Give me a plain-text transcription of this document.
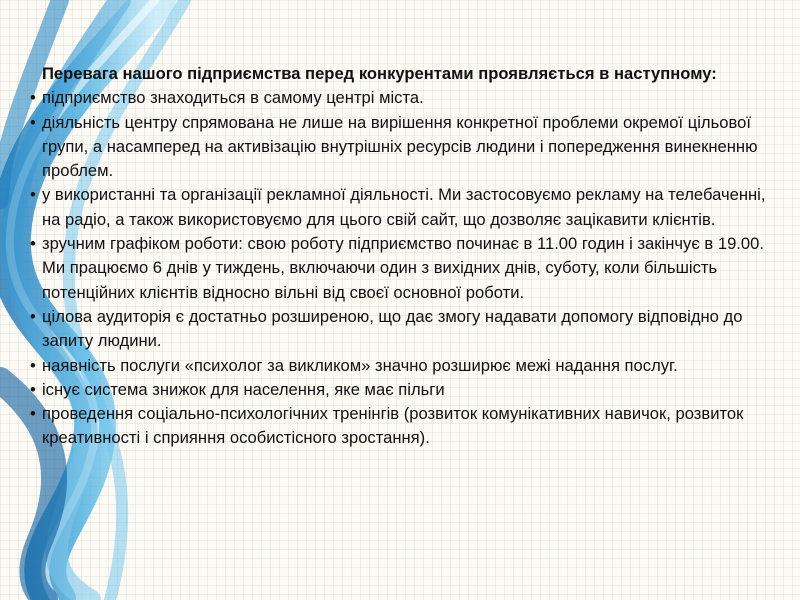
Перевага нашого підприємства перед конкурентами проявляється в наступному:
• підприємство знаходиться в самому центрі міста.
• діяльність центру спрямована не лише на вирішення конкретної проблеми окремої цільової групи, а насамперед на активізацію внутрішніх ресурсів людини і попередження винекненню проблем.
• у використанні та організації рекламної діяльності. Ми застосовуємо рекламу на телебаченні, на радіо, а також використовуємо для цього свій сайт, що дозволяє зацікавити клієнтів.
• зручним графіком роботи: свою роботу підприємство починає в 11.00 годин і закінчує в 19.00. Ми працюємо 6 днів у тиждень, включаючи один з вихідних днів, суботу, коли більшість потенційних клієнтів відносно вільні від своєї основної роботи.
• цілова аудиторія є достатньо розширеною, що дає змогу надавати допомогу відповідно до запиту людини.
• наявність послуги «психолог за викликом» значно розширює межі надання послуг.
• існує система знижок для населення, яке має пільги
• проведення соціально-психологічних тренінгів (розвиток комунікативних навичок, розвиток креативності і сприяння особистісного зростання).
